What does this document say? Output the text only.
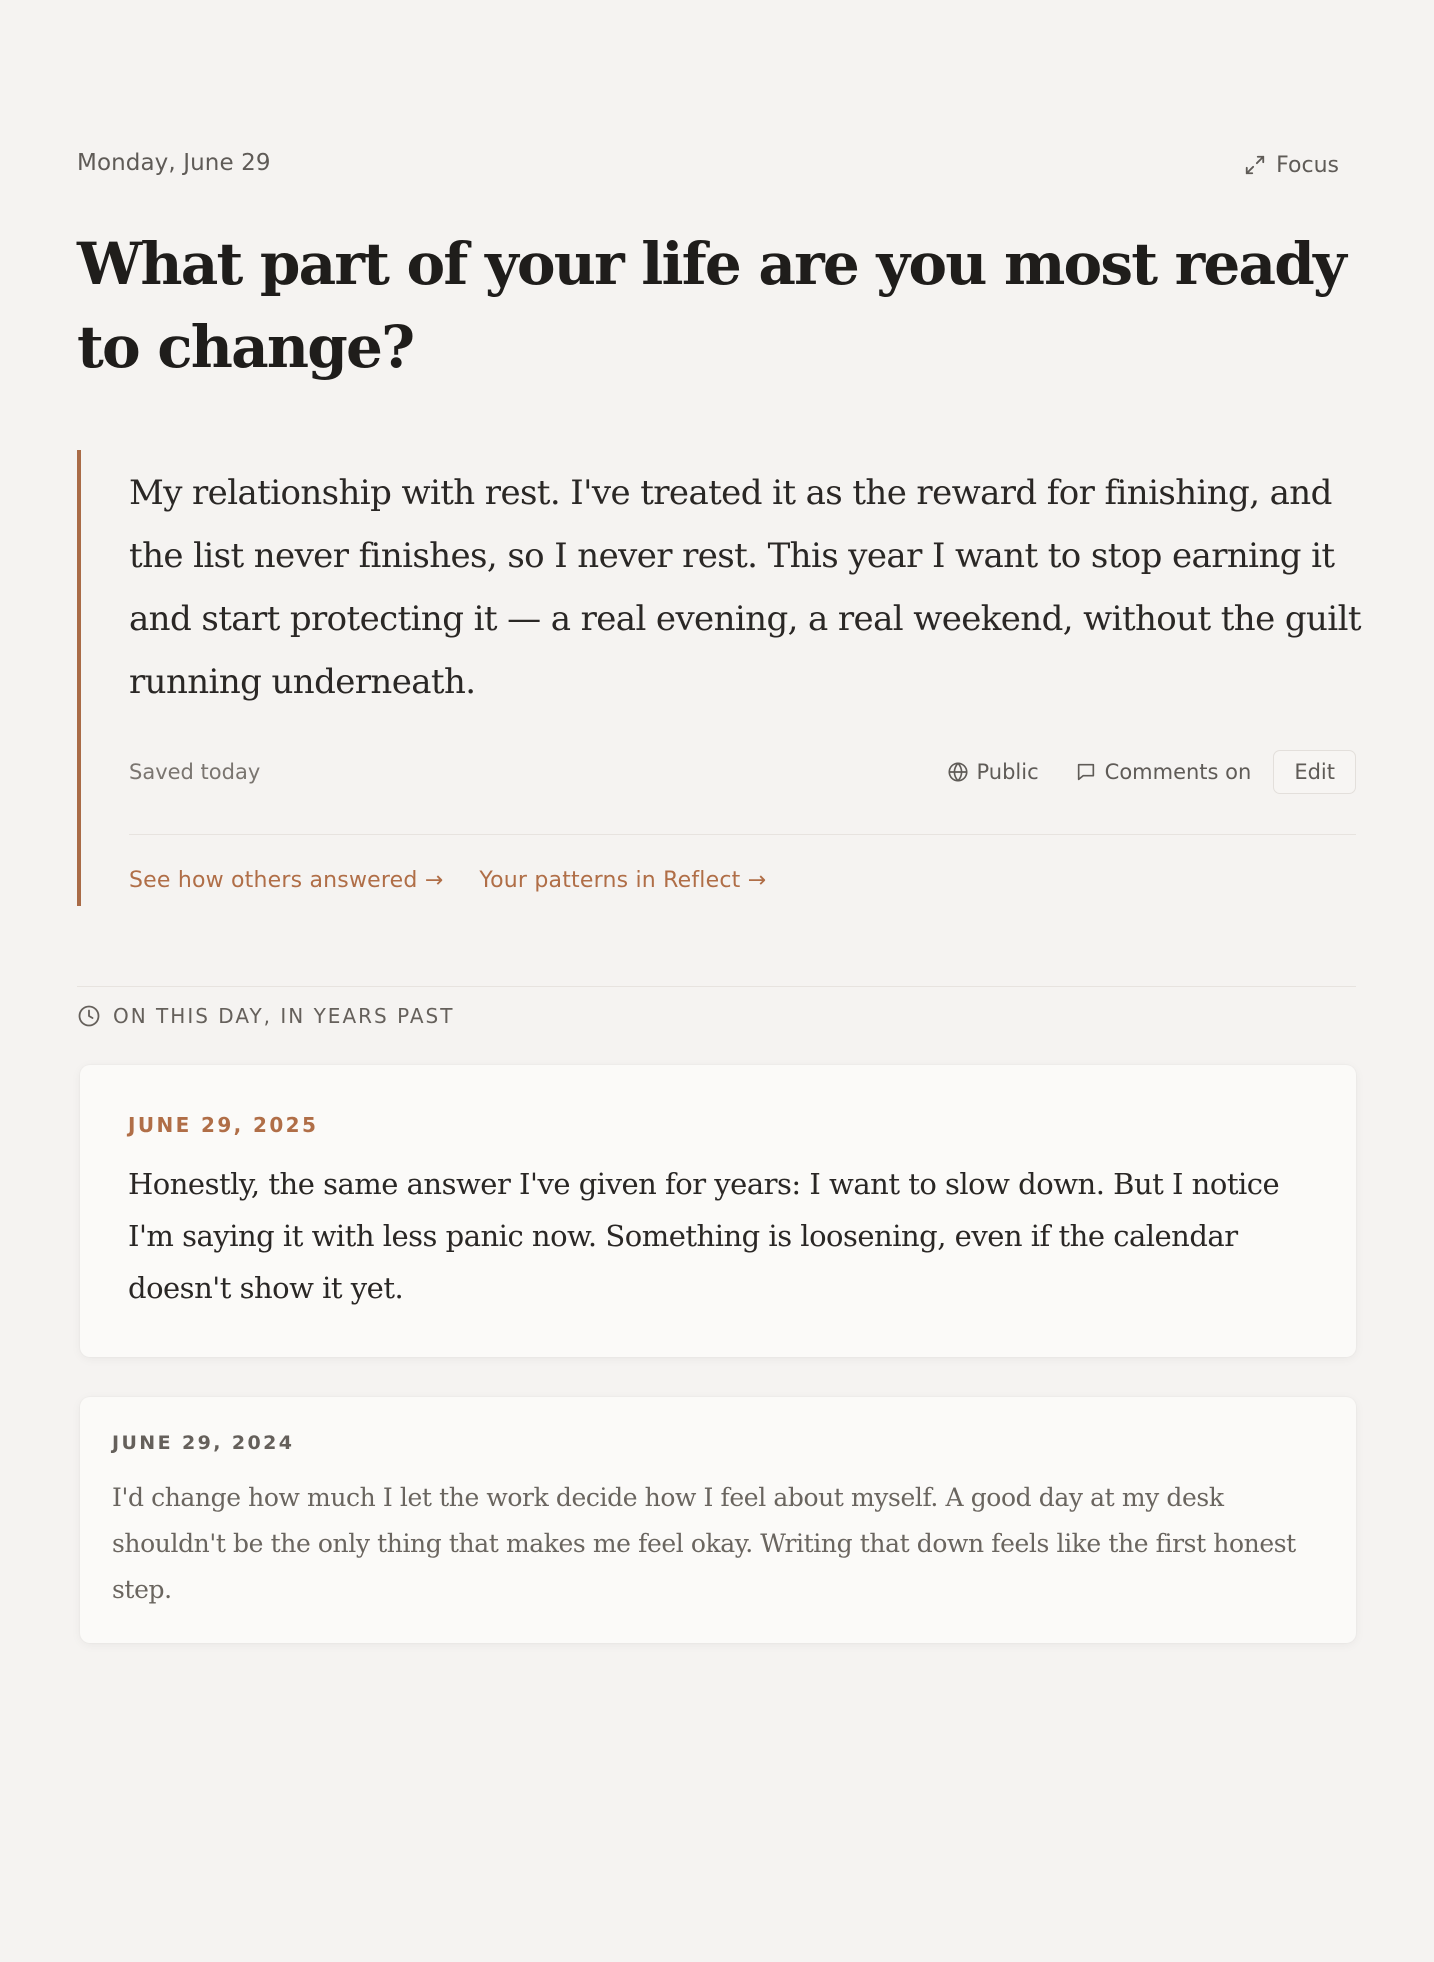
Monday, June 29	Focus
What part of your life are you most ready to change?

My relationship with rest. I've treated it as the reward for finishing, and the list never finishes, so I never rest. This year I want to stop earning it and start protecting it — a real evening, a real weekend, without the guilt running underneath.

Saved today	Public	Comments on	Edit
See how others answered → Your patterns in Reflect →
ON THIS DAY, IN YEARS PAST
JUNE 29, 2025

Honestly, the same answer I've given for years: I want to slow down. But I notice I'm saying it with less panic now. Something is loosening, even if the calendar doesn't show it yet.

JUNE 29, 2024

I'd change how much I let the work decide how I feel about myself. A good day at my desk shouldn't be the only thing that makes me feel okay. Writing that down feels like the first honest step.
